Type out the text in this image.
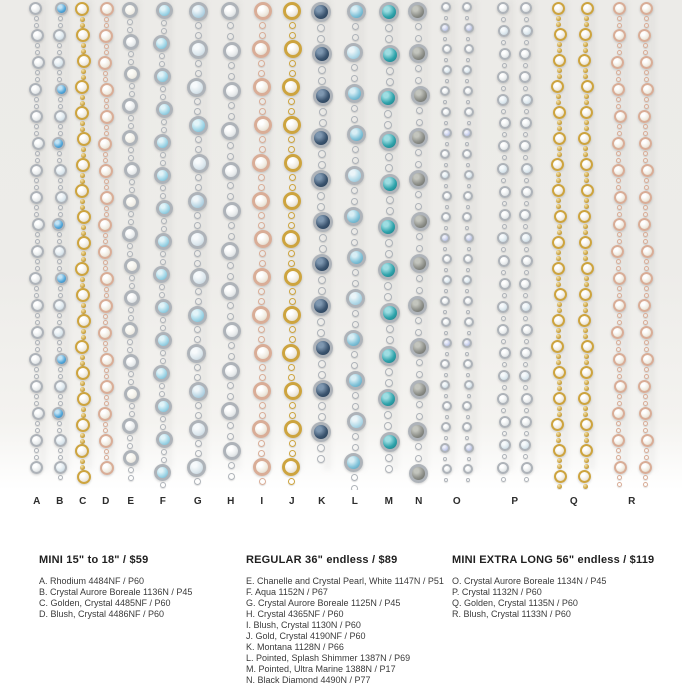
A B C D E	F	G H	I	J K	L	M N	O	P	Q	R
MINI 15" to 18" / $59
A. Rhodium 4484NF / P60
B. Crystal Aurore Boreale 1136N / P45
C. Golden, Crystal 4485NF / P60
D. Blush, Crystal 4486NF / P60
REGULAR 36" endless / $89
E. Chanelle and Crystal Pearl, White 1147N / P51
F. Aqua 1152N / P67
G. Crystal Aurore Boreale 1125N / P45
H. Crystal 4365NF / P60
I. Blush, Crystal 1130N / P60
J. Gold, Crystal 4190NF / P60
K. Montana 1128N / P66
L. Pointed, Splash Shimmer 1387N / P69
M. Pointed, Ultra Marine 1388N / P17
N. Black Diamond 4490N / P77
MINI EXTRA LONG 56" endless / $119
O. Crystal Aurore Boreale 1134N / P45
P. Crystal 1132N / P60
Q. Golden, Crystal 1135N / P60
R. Blush, Crystal 1133N / P60
